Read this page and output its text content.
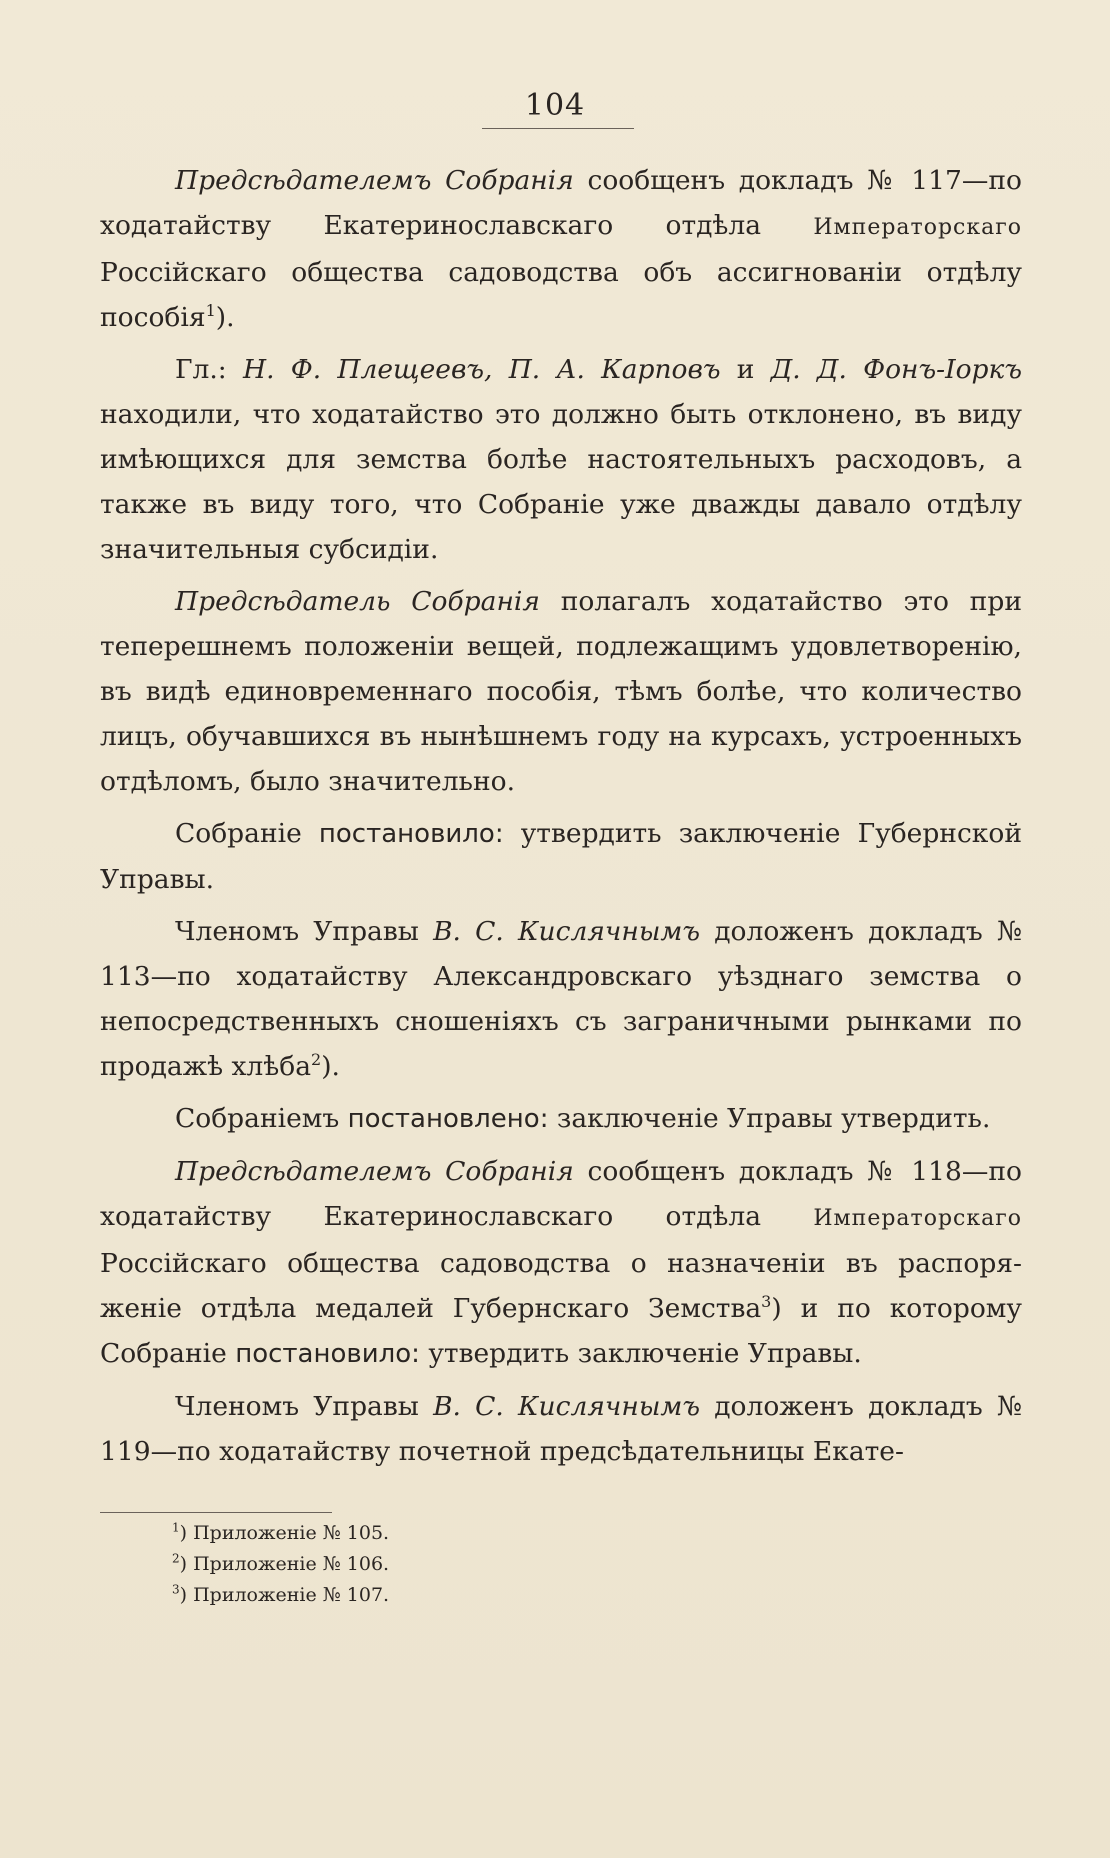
104

Предсѣдателемъ Собранія сообщенъ докладъ № 117—по ходатайству Екатеринославскаго отдѣла Императорскаго Россійскаго общества садоводства объ ассигнованіи отдѣлу пособія$^1$).

Гл.: Н. Ф. Плещеевъ, П. А. Карповъ и Д. Д. Фонъ-Іоркъ находили, что ходатайство это должно быть отклонено, въ виду имѣющихся для земства болѣе настоятельныхъ расходовъ, а также въ виду того, что Собраніе уже дважды давало отдѣлу значительныя субсидіи.

Предсѣдатель Собранія полагалъ ходатайство это при теперешнемъ положеніи вещей, подлежащимъ удовлетворенію, въ видѣ единовременнаго пособія, тѣмъ болѣе, что количество лицъ, обучавшихся въ нынѣшнемъ году на курсахъ, устроенныхъ отдѣломъ, было значительно.

Собраніе постановило: утвердить заключеніе Губернской Управы.

Членомъ Управы В. С. Кислячнымъ доложенъ докладъ № 113—по ходатайству Александровскаго уѣзднаго земства о непосредственныхъ сношеніяхъ съ заграничными рынками по продажѣ хлѣба$^2$).

Собраніемъ постановлено: заключеніе Управы утвердить.

Предсѣдателемъ Собранія сообщенъ докладъ № 118—по ходатайству Екатеринославскаго отдѣла Императорскаго Россійскаго общества садоводства о назначеніи въ распоряженіе отдѣла медалей Губернскаго Земства$^3$) и по которому Собраніе постановило: утвердить заключеніе Управы.

Членомъ Управы В. С. Кислячнымъ доложенъ докладъ № 119—по ходатайству почетной предсѣдательницы Екате-

$^1$) Приложеніе № 105.
$^2$) Приложеніе № 106.
$^3$) Приложеніе № 107.
